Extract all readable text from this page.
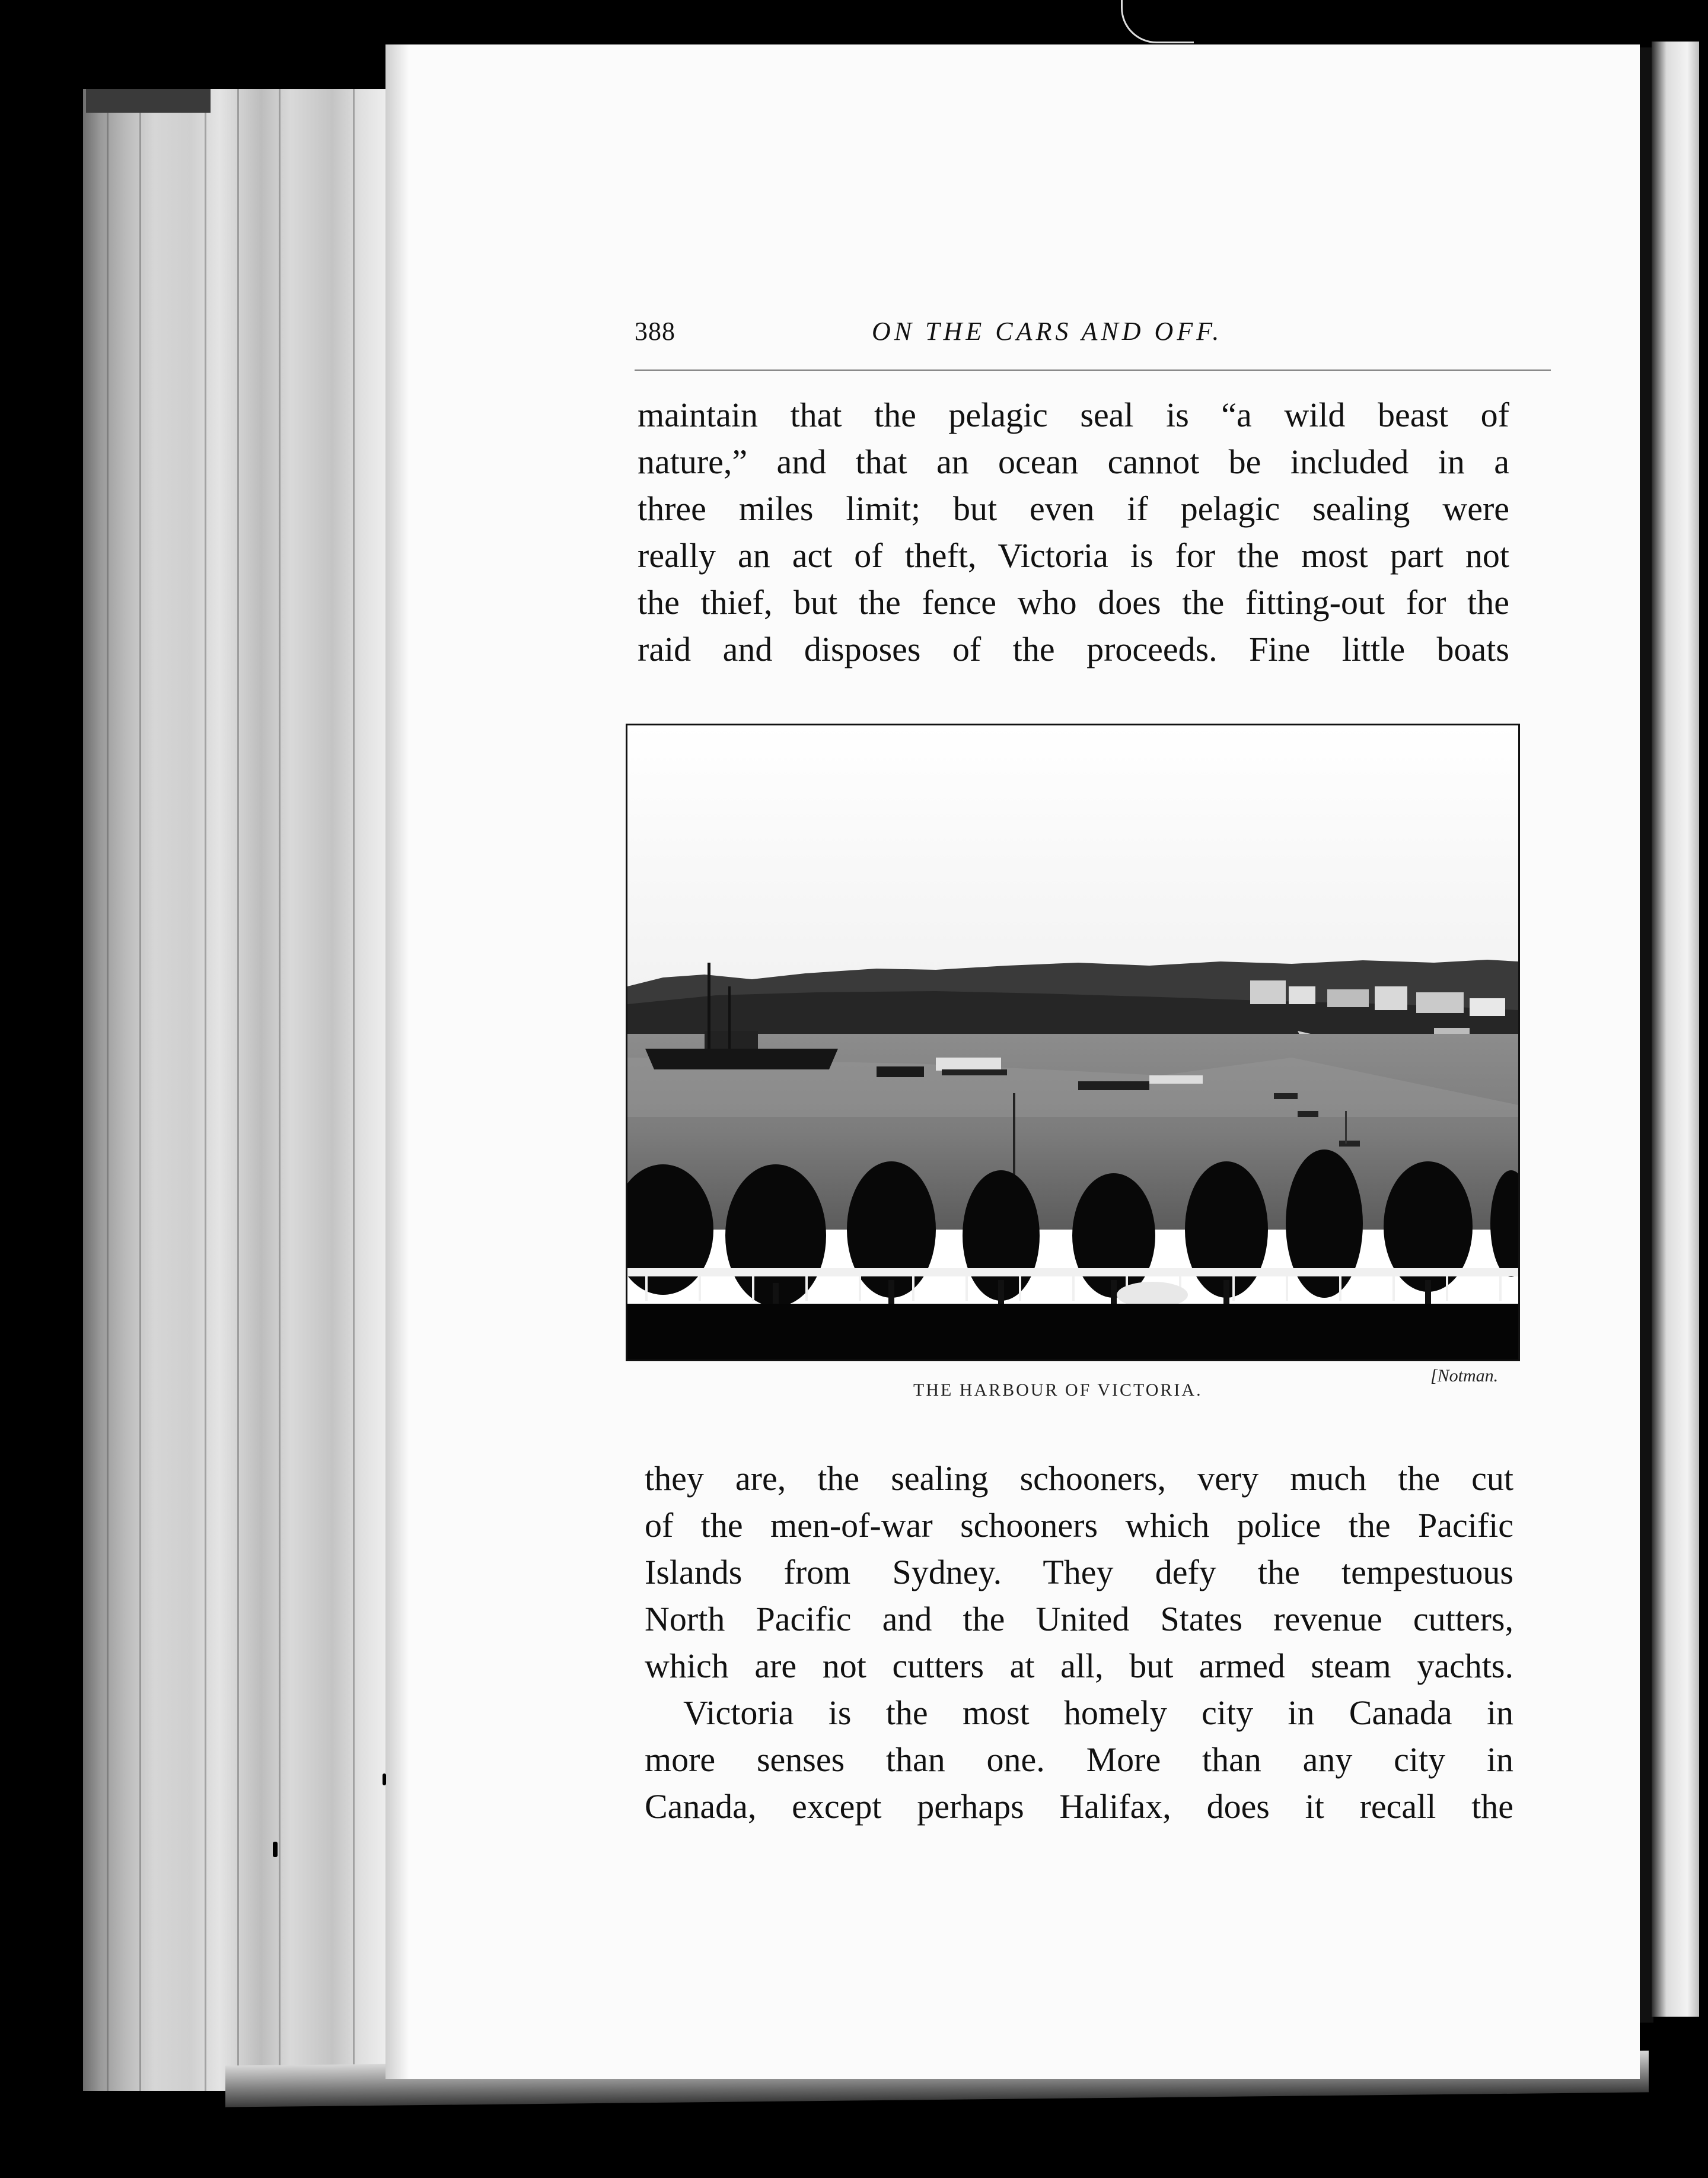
388	ON THE CARS AND OFF.
maintain that the pelagic seal is “a wild beast of
nature,” and that an ocean cannot be included in a
three miles limit; but even if pelagic sealing were
really an act of theft, Victoria is for the most part not
the thief, but the fence who does the fitting-out for the
raid and disposes of the proceeds. Fine little boats
THE HARBOUR OF VICTORIA.
[Notman.
they are, the sealing schooners, very much the cut
of the men-of-war schooners which police the Pacific
Islands from Sydney. They defy the tempestuous
North Pacific and the United States revenue cutters,
which are not cutters at all, but armed steam yachts.
Victoria is the most homely city in Canada in
more senses than one. More than any city in
Canada, except perhaps Halifax, does it recall the
